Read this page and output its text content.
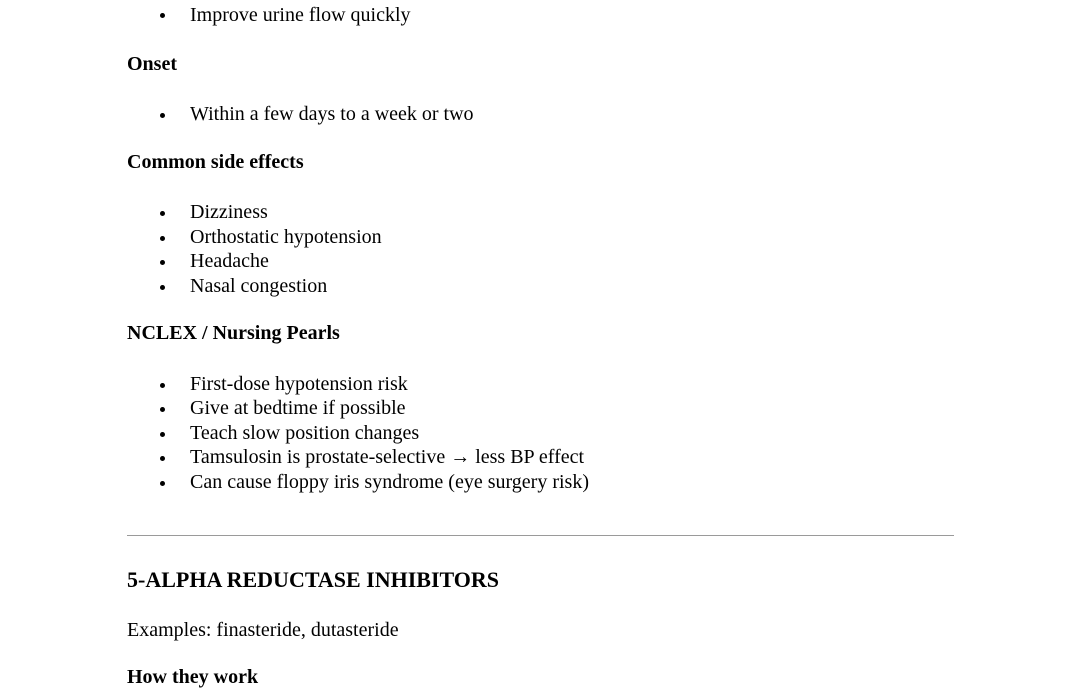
Improve urine flow quickly
Onset
Within a few days to a week or two
Common side effects
Dizziness
Orthostatic hypotension
Headache
Nasal congestion
NCLEX / Nursing Pearls
First-dose hypotension risk
Give at bedtime if possible
Teach slow position changes
Tamsulosin is prostate-selective → less BP effect
Can cause floppy iris syndrome (eye surgery risk)
5-ALPHA REDUCTASE INHIBITORS
Examples: finasteride, dutasteride
How they work
